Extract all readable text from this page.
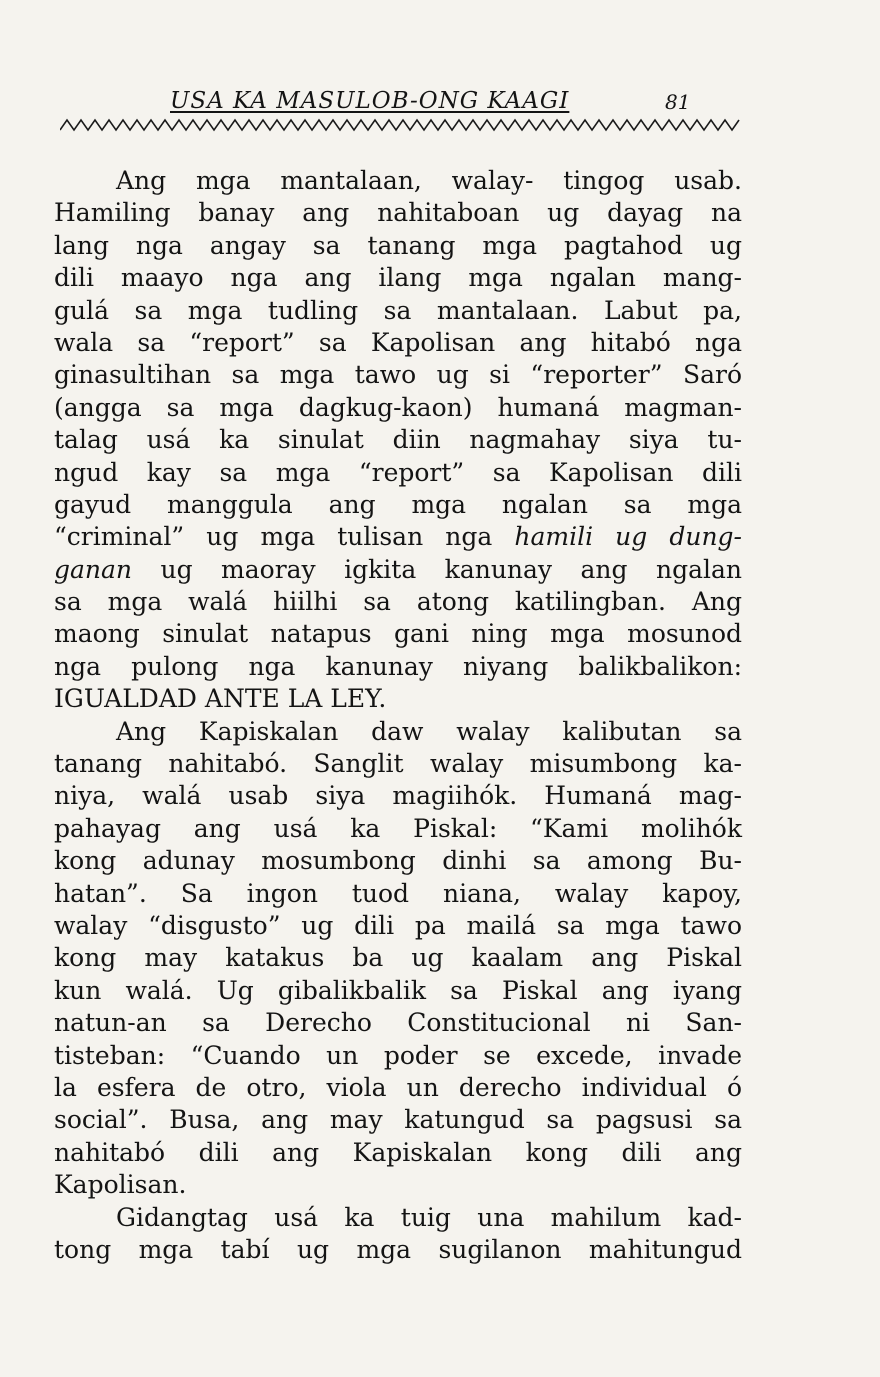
USA KA MASULOB-ONG KAAGI	81
Ang mga mantalaan, walay- tingog usab.
Hamiling banay ang nahitaboan ug dayag na
lang nga angay sa tanang mga pagtahod ug
dili maayo nga ang ilang mga ngalan mang-
gulá sa mga tudling sa mantalaan. Labut pa,
wala sa “report” sa Kapolisan ang hitabó nga
ginasultihan sa mga tawo ug si “reporter” Saró
(angga sa mga dagkug-kaon) humaná magman-
talag usá ka sinulat diin nagmahay siya tu-
ngud kay sa mga “report” sa Kapolisan dili
gayud manggula ang mga ngalan sa mga
“criminal” ug mga tulisan nga hamili ug dung-
ganan ug maoray igkita kanunay ang ngalan
sa mga walá hiilhi sa atong katilingban. Ang
maong sinulat natapus gani ning mga mosunod
nga pulong nga kanunay niyang balikbalikon:
IGUALDAD ANTE LA LEY.
Ang Kapiskalan daw walay kalibutan sa
tanang nahitabó. Sanglit walay misumbong ka-
niya, walá usab siya magiihók. Humaná mag-
pahayag ang usá ka Piskal: “Kami molihók
kong adunay mosumbong dinhi sa among Bu-
hatan”. Sa ingon tuod niana, walay kapoy,
walay “disgusto” ug dili pa mailá sa mga tawo
kong may katakus ba ug kaalam ang Piskal
kun walá. Ug gibalikbalik sa Piskal ang iyang
natun-an sa Derecho Constitucional ni San-
tisteban: “Cuando un poder se excede, invade
la esfera de otro, viola un derecho individual ó
social”. Busa, ang may katungud sa pagsusi sa
nahitabó dili ang Kapiskalan kong dili ang
Kapolisan.
Gidangtag usá ka tuig una mahilum kad-
tong mga tabí ug mga sugilanon mahitungud
